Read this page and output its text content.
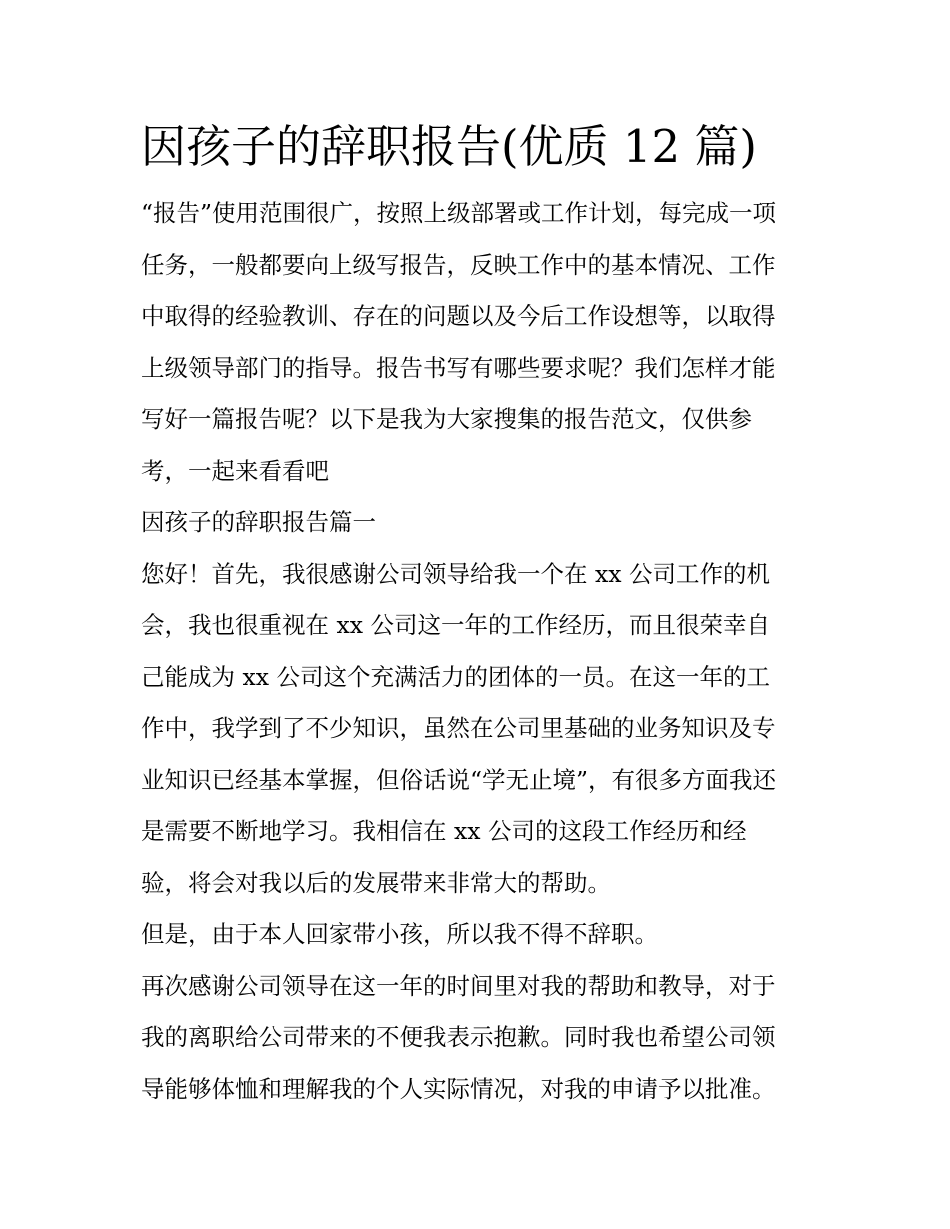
因孩子的辞职报告(优质 12 篇)
“报告”使用范围很广，按照上级部署或工作计划，每完成一项
任务，一般都要向上级写报告，反映工作中的基本情况、工作
中取得的经验教训、存在的问题以及今后工作设想等，以取得
上级领导部门的指导。报告书写有哪些要求呢？我们怎样才能
写好一篇报告呢？以下是我为大家搜集的报告范文，仅供参
考，一起来看看吧
因孩子的辞职报告篇一
您好！首先，我很感谢公司领导给我一个在 xx 公司工作的机
会，我也很重视在 xx 公司这一年的工作经历，而且很荣幸自
己能成为 xx 公司这个充满活力的团体的一员。在这一年的工
作中，我学到了不少知识，虽然在公司里基础的业务知识及专
业知识已经基本掌握，但俗话说“学无止境”，有很多方面我还
是需要不断地学习。我相信在 xx 公司的这段工作经历和经
验，将会对我以后的发展带来非常大的帮助。
但是，由于本人回家带小孩，所以我不得不辞职。
再次感谢公司领导在这一年的时间里对我的帮助和教导，对于
我的离职给公司带来的不便我表示抱歉。同时我也希望公司领
导能够体恤和理解我的个人实际情况，对我的申请予以批准。
